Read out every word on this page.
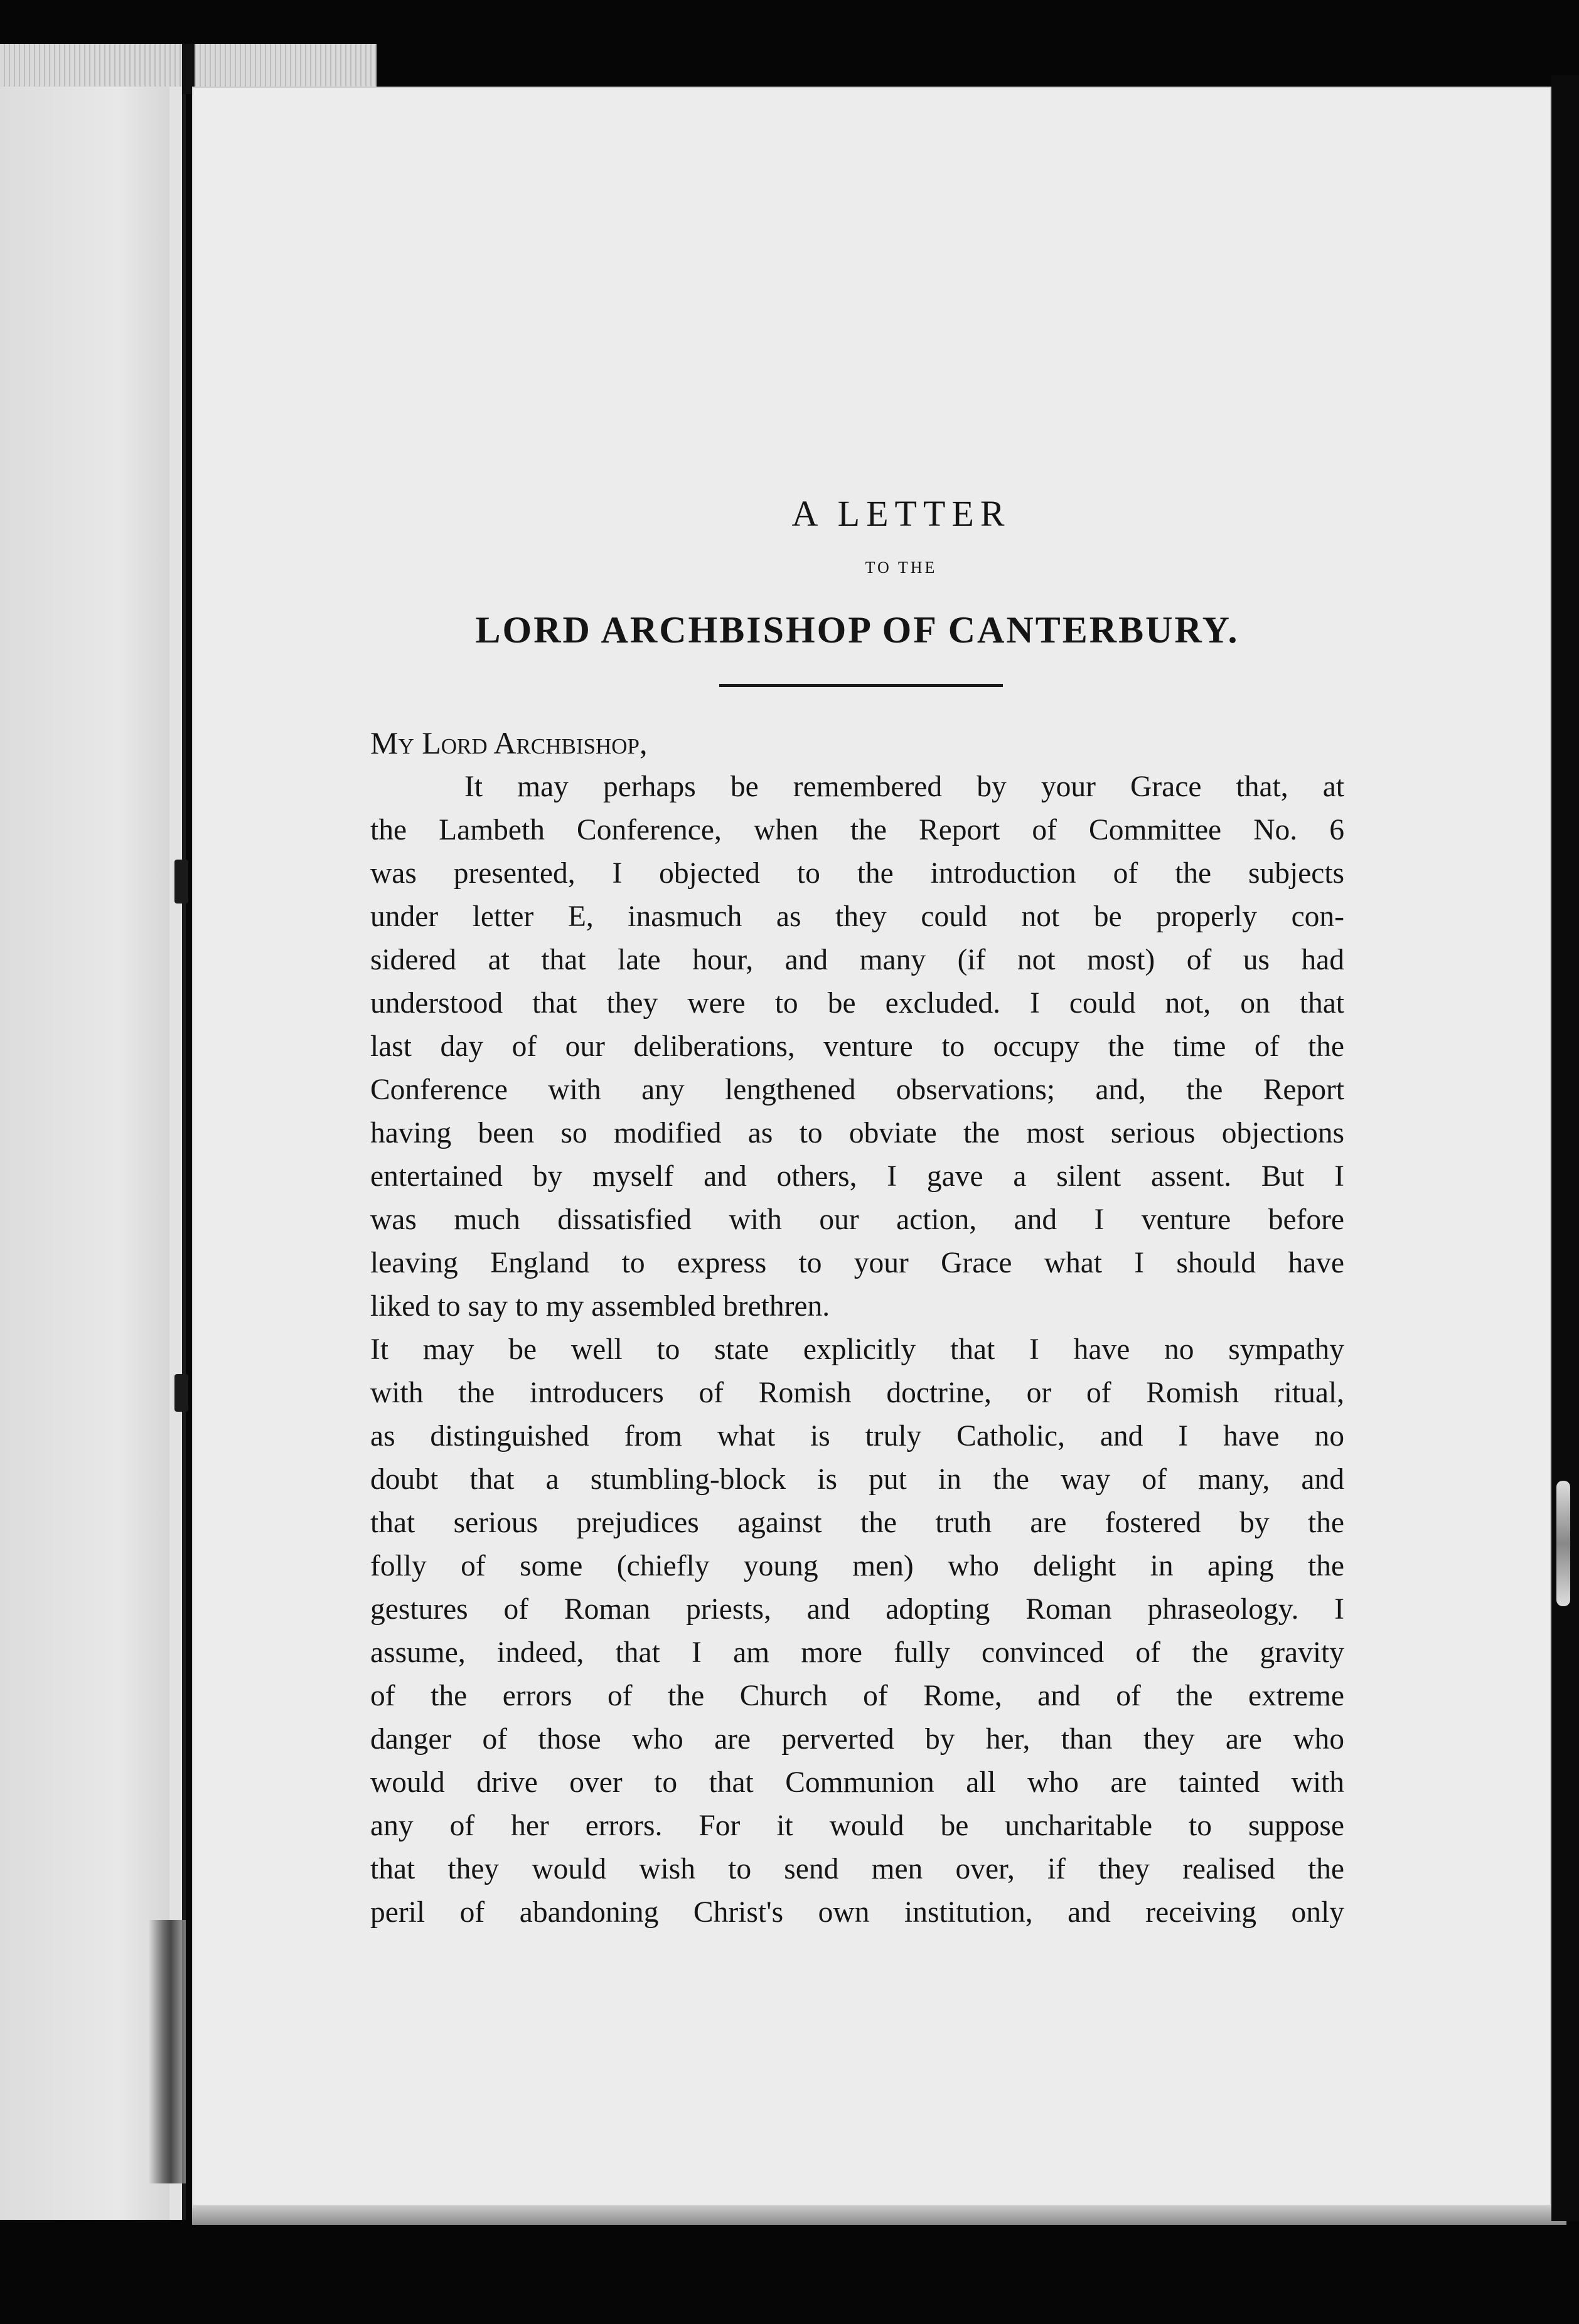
A LETTER
TO THE
LORD ARCHBISHOP OF CANTERBURY.
My Lord Archbishop,
It may perhaps be remembered by your Grace that, at
the Lambeth Conference, when the Report of Committee No. 6
was presented, I objected to the introduction of the subjects
under letter E, inasmuch as they could not be properly con-
sidered at that late hour, and many (if not most) of us had
understood that they were to be excluded. I could not, on that
last day of our deliberations, venture to occupy the time of the
Conference with any lengthened observations; and, the Report
having been so modified as to obviate the most serious objections
entertained by myself and others, I gave a silent assent. But I
was much dissatisfied with our action, and I venture before
leaving England to express to your Grace what I should have
liked to say to my assembled brethren.
It may be well to state explicitly that I have no sympathy
with the introducers of Romish doctrine, or of Romish ritual,
as distinguished from what is truly Catholic, and I have no
doubt that a stumbling-block is put in the way of many, and
that serious prejudices against the truth are fostered by the
folly of some (chiefly young men) who delight in aping the
gestures of Roman priests, and adopting Roman phraseology. I
assume, indeed, that I am more fully convinced of the gravity
of the errors of the Church of Rome, and of the extreme
danger of those who are perverted by her, than they are who
would drive over to that Communion all who are tainted with
any of her errors. For it would be uncharitable to suppose
that they would wish to send men over, if they realised the
peril of abandoning Christ's own institution, and receiving only
